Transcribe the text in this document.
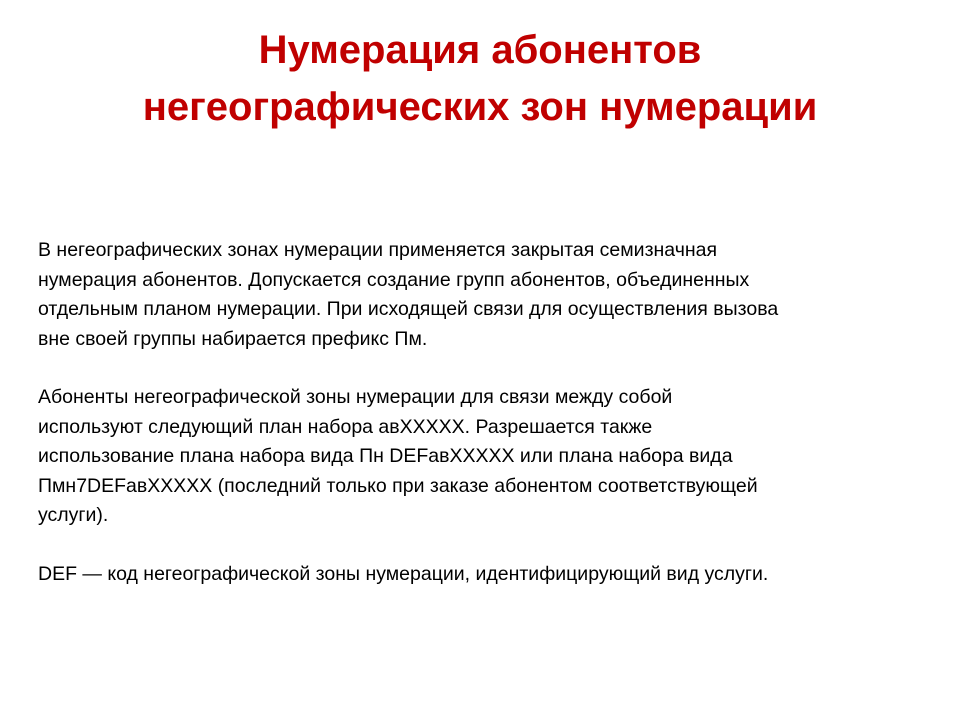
Нумерация абонентов
негеографических зон нумерации
В негеографических зонах нумерации применяется закрытая семизначная
нумерация абонентов. Допускается создание групп абонентов, объединенных
отдельным планом нумерации. При исходящей связи для осуществления вызова
вне своей группы набирается префикс Пм.
Абоненты негеографической зоны нумерации для связи между собой
используют следующий план набора авXXXXX. Разрешается также
использование плана набора вида Пн DEFавXXXXX или плана набора вида
Пмн7DEFавXXXXX (последний только при заказе абонентом соответствующей
услуги).
DEF — код негеографической зоны нумерации, идентифицирующий вид услуги.
